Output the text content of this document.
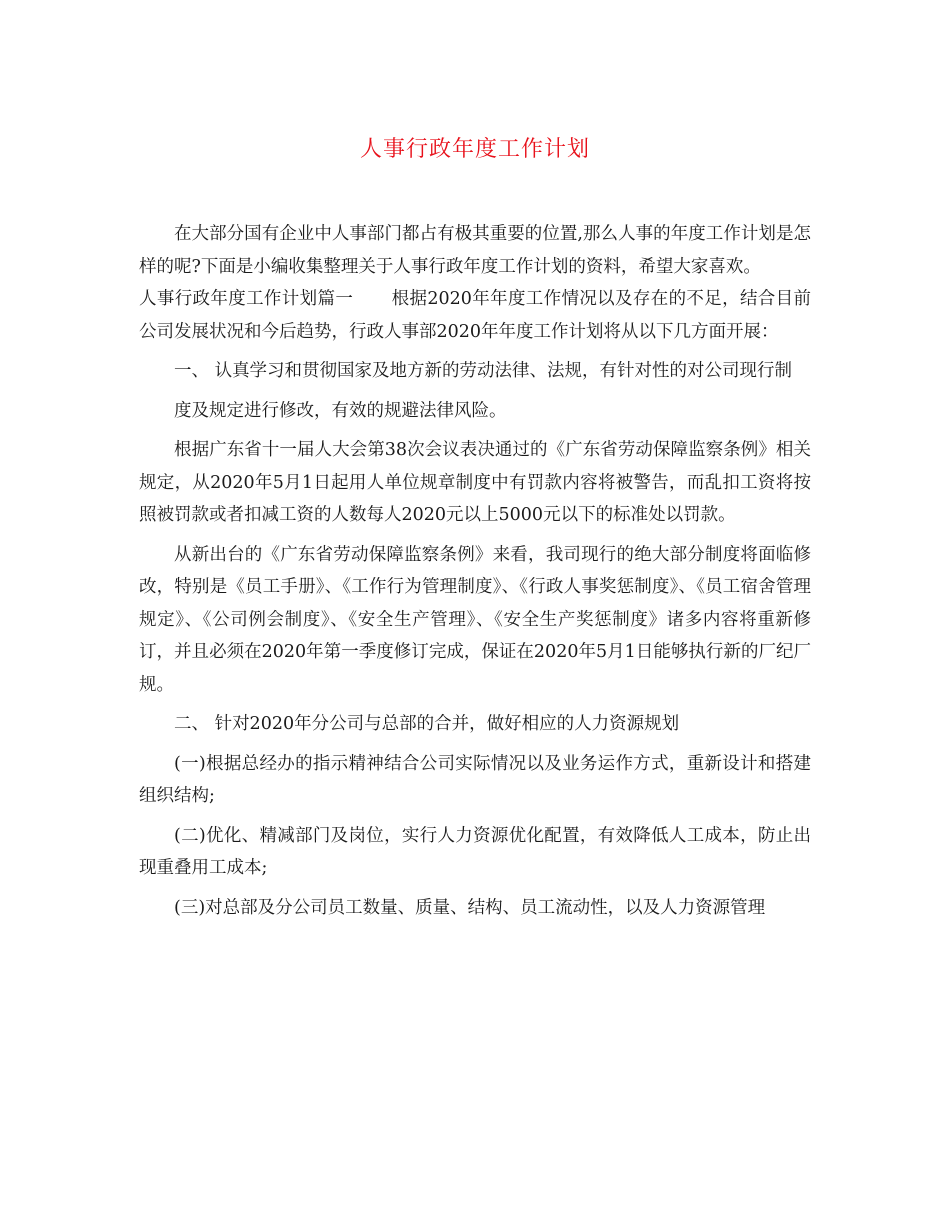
人事行政年度工作计划

在大部分国有企业中人事部门都占有极其重要的位置,那么人事的年度工作计划是怎样的呢?下面是小编收集整理关于人事行政年度工作计划的资料，希望大家喜欢。

人事行政年度工作计划篇一 根据2020年年度工作情况以及存在的不足，结合目前公司发展状况和今后趋势，行政人事部2020年年度工作计划将从以下几方面开展：

一、 认真学习和贯彻国家及地方新的劳动法律、法规，有针对性的对公司现行制

度及规定进行修改，有效的规避法律风险。

根据广东省十一届人大会第38次会议表决通过的《广东省劳动保障监察条例》相关规定，从2020年5月1日起用人单位规章制度中有罚款内容将被警告，而乱扣工资将按照被罚款或者扣减工资的人数每人2020元以上5000元以下的标准处以罚款。

从新出台的《广东省劳动保障监察条例》来看，我司现行的绝大部分制度将面临修改，特别是《员工手册》、《工作行为管理制度》、《行政人事奖惩制度》、《员工宿舍管理规定》、《公司例会制度》、《安全生产管理》、《安全生产奖惩制度》诸多内容将重新修订，并且必须在2020年第一季度修订完成，保证在2020年5月1日能够执行新的厂纪厂规。

二、 针对2020年分公司与总部的合并，做好相应的人力资源规划

(一)根据总经办的指示精神结合公司实际情况以及业务运作方式，重新设计和搭建组织结构;

(二)优化、精减部门及岗位，实行人力资源优化配置，有效降低人工成本，防止出现重叠用工成本;

(三)对总部及分公司员工数量、质量、结构、员工流动性，以及人力资源管理
